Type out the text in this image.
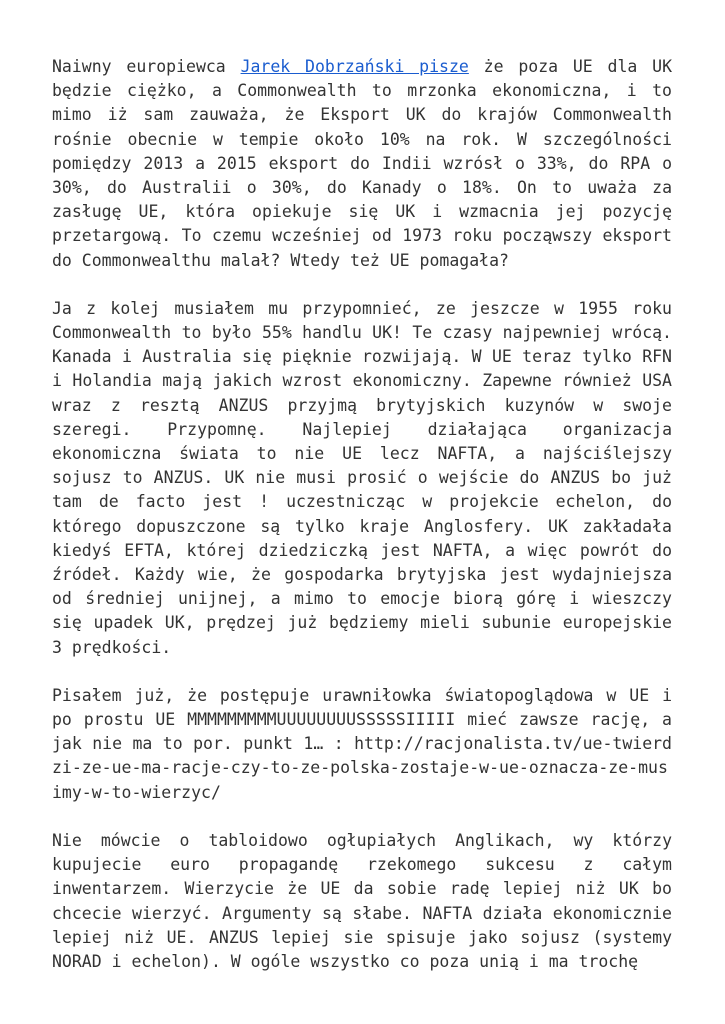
Naiwny europiewca Jarek Dobrzański pisze że poza UE dla UK będzie ciężko, a Commonwealth to mrzonka ekonomiczna, i to mimo iż sam zauważa, że Eksport UK do krajów Commonwealth rośnie obecnie w tempie około 10% na rok. W szczególności pomiędzy 2013 a 2015 eksport do Indii wzrósł o 33%, do RPA o 30%, do Australii o 30%, do Kanady o 18%. On to uważa za zasługę UE, która opiekuje się UK i wzmacnia jej pozycję przetargową. To czemu wcześniej od 1973 roku począwszy eksport do Commonwealthu malał? Wtedy też UE pomagała?

Ja z kolej musiałem mu przypomnieć, ze jeszcze w 1955 roku Commonwealth to było 55% handlu UK! Te czasy najpewniej wrócą. Kanada i Australia się pięknie rozwijają. W UE teraz tylko RFN i Holandia mają jakich wzrost ekonomiczny. Zapewne również USA wraz z resztą ANZUS przyjmą brytyjskich kuzynów w swoje szeregi. Przypomnę. Najlepiej działająca organizacja ekonomiczna świata to nie UE lecz NAFTA, a najściślejszy sojusz to ANZUS. UK nie musi prosić o wejście do ANZUS bo już tam de facto jest ! uczestnicząc w projekcie echelon, do którego dopuszczone są tylko kraje Anglosfery. UK zakładała kiedyś EFTA, której dziedziczką jest NAFTA, a więc powrót do źródeł. Każdy wie, że gospodarka brytyjska jest wydajniejsza od średniej unijnej, a mimo to emocje biorą górę i wieszczy się upadek UK, prędzej już będziemy mieli subunie europejskie 3 prędkości.

Pisałem już, że postępuje urawniłowka światopoglądowa w UE i po prostu UE MMMMMMMMMUUUUUUUUSSSSSIIIII mieć zawsze rację, a jak nie ma to por. punkt 1… : http://racjonalista.tv/ue-twierdzi-ze-ue-ma-racje-czy-to-ze-polska-zostaje-w-ue-oznacza-ze-musimy-w-to-wierzyc/

Nie mówcie o tabloidowo ogłupiałych Anglikach, wy którzy kupujecie euro propagandę rzekomego sukcesu z całym inwentarzem. Wierzycie że UE da sobie radę lepiej niż UK bo chcecie wierzyć. Argumenty są słabe. NAFTA działa ekonomicznie lepiej niż UE. ANZUS lepiej sie spisuje jako sojusz (systemy NORAD i echelon). W ogóle wszystko co poza unią i ma trochę
